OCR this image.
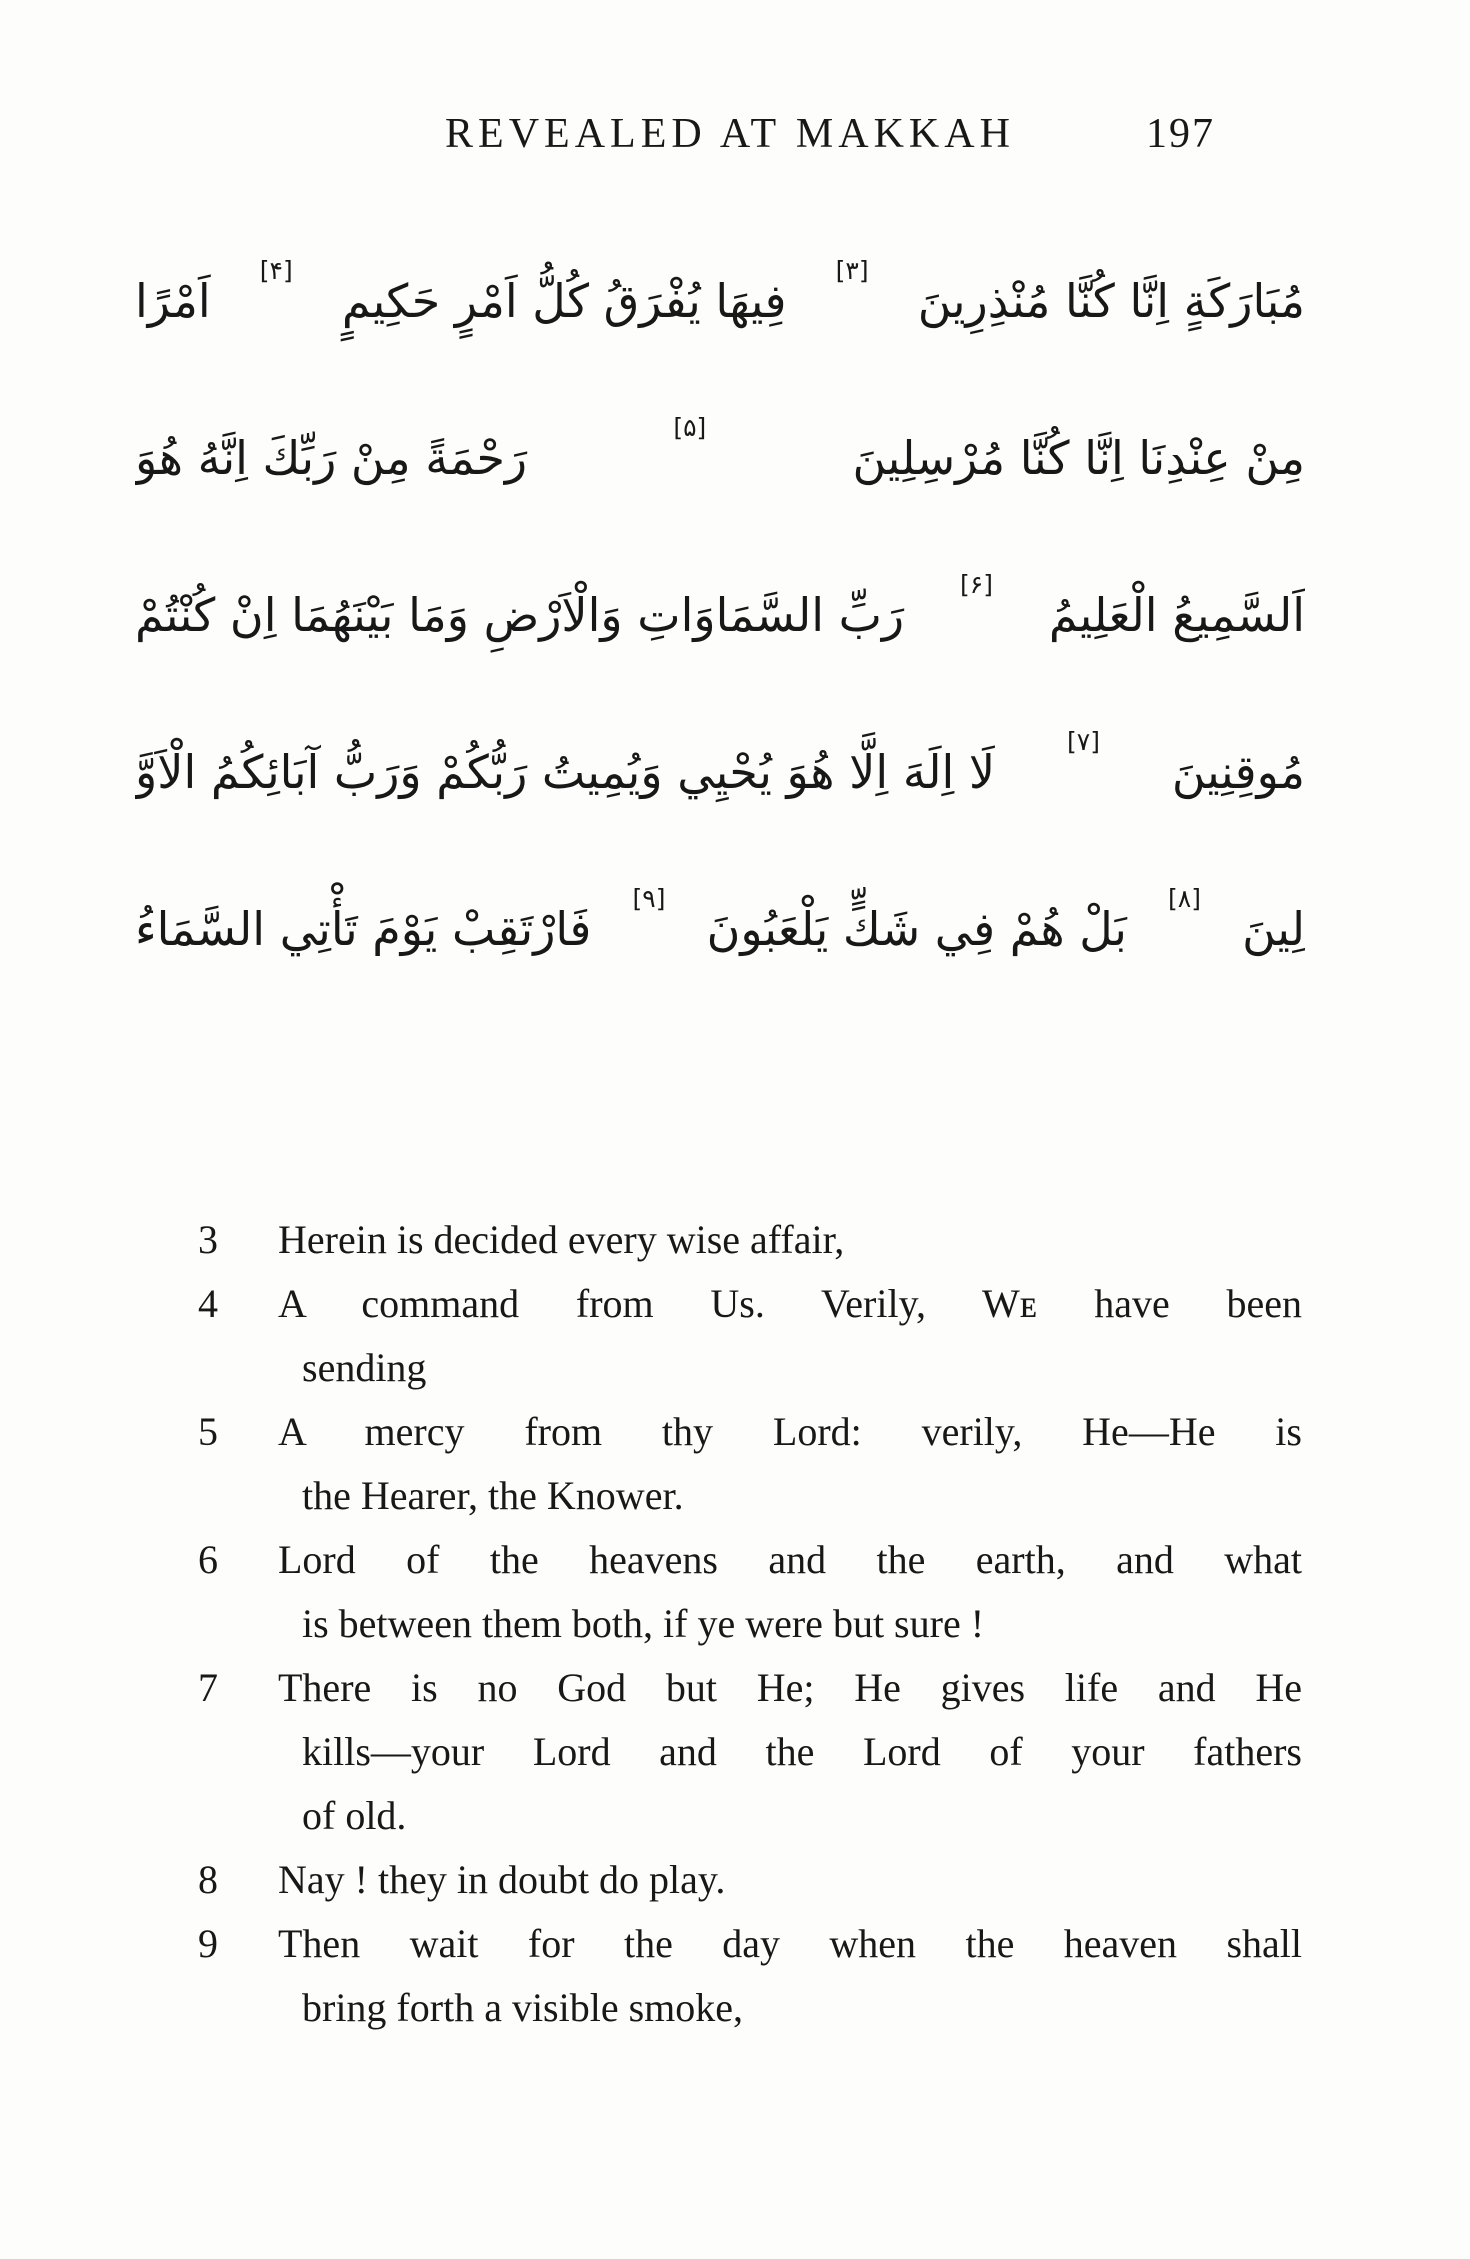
REVEALED AT MAKKAH	197
مُبَارَكَةٍ اِنَّا كُنَّا مُنْذِرِينَ
[۳]
فِيهَا يُفْرَقُ كُلُّ اَمْرٍ حَكِيمٍ
[۴]
اَمْرًا
مِنْ عِنْدِنَا اِنَّا كُنَّا مُرْسِلِينَ
[۵]
رَحْمَةً مِنْ رَبِّكَ اِنَّهُ هُوَ
اَلسَّمِيعُ الْعَلِيمُ
[۶]
رَبِّ السَّمَاوَاتِ وَالْاَرْضِ وَمَا بَيْنَهُمَا اِنْ كُنْتُمْ
مُوقِنِينَ
[۷]
لَا اِلَهَ اِلَّا هُوَ يُحْيِي وَيُمِيتُ رَبُّكُمْ وَرَبُّ آبَائِكُمُ الْاَوَّ
لِينَ
[۸]
بَلْ هُمْ فِي شَكٍّ يَلْعَبُونَ
[۹]
فَارْتَقِبْ يَوْمَ تَأْتِي السَّمَاءُ
3 Herein is decided every wise affair,
4 A command from Us. Verily, Wᴇ have been
sending
5 A mercy from thy Lord: verily, He—He is
the Hearer, the Knower.
6 Lord of the heavens and the earth, and what
is between them both, if ye were but sure !
7 There is no God but He; He gives life and He
kills—your Lord and the Lord of your fathers
of old.
8 Nay ! they in doubt do play.
9 Then wait for the day when the heaven shall
bring forth a visible smoke,
